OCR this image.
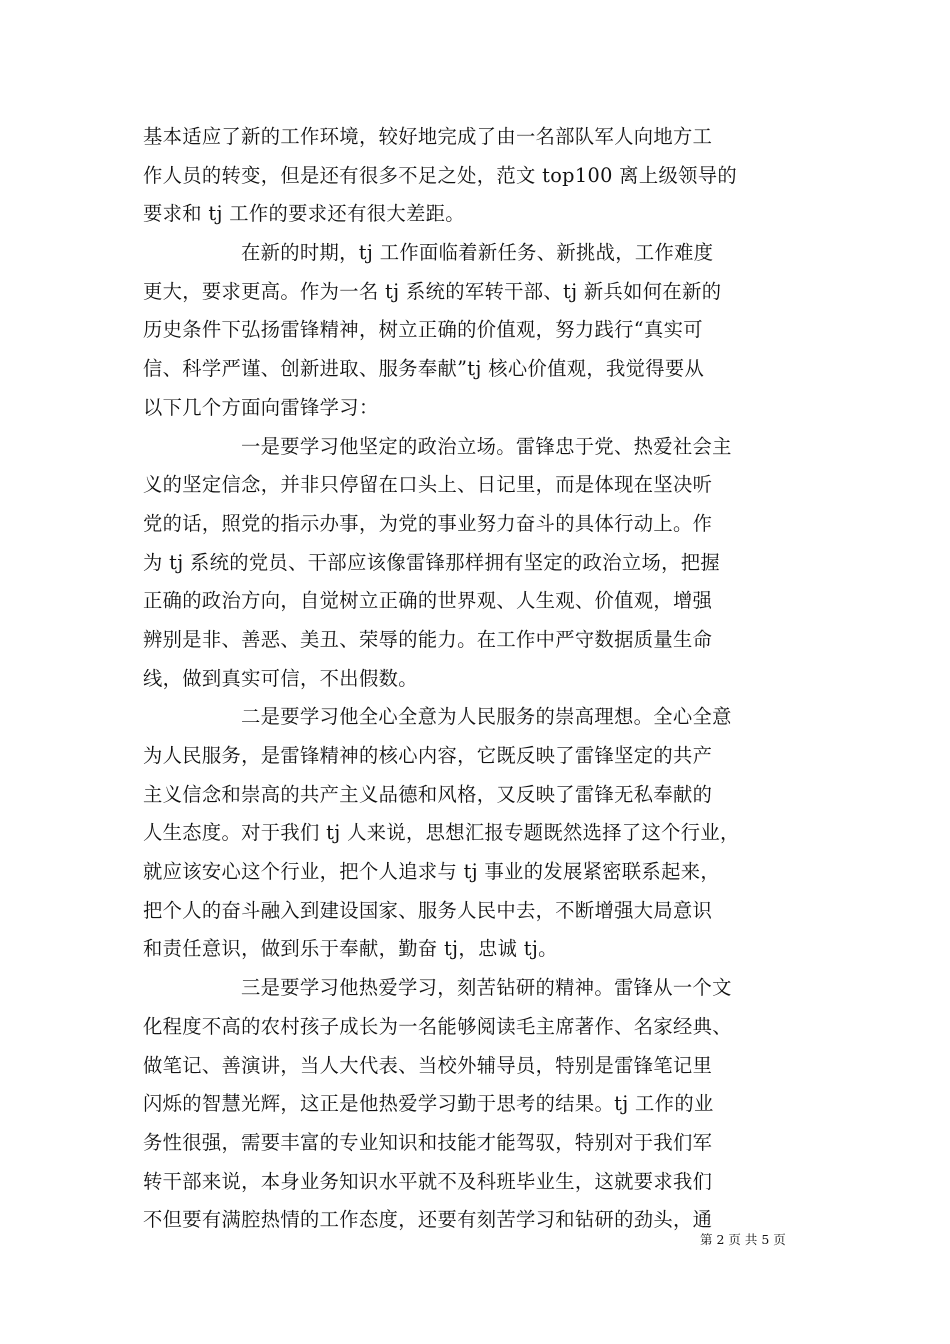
基本适应了新的工作环境，较好地完成了由一名部队军人向地方工
作人员的转变，但是还有很多不足之处，范文 top100 离上级领导的
要求和 tj 工作的要求还有很大差距。
在新的时期，tj 工作面临着新任务、新挑战，工作难度
更大，要求更高。作为一名 tj 系统的军转干部、tj 新兵如何在新的
历史条件下弘扬雷锋精神，树立正确的价值观，努力践行“真实可
信、科学严谨、创新进取、服务奉献”tj 核心价值观，我觉得要从
以下几个方面向雷锋学习：
一是要学习他坚定的政治立场。雷锋忠于党、热爱社会主
义的坚定信念，并非只停留在口头上、日记里，而是体现在坚决听
党的话，照党的指示办事，为党的事业努力奋斗的具体行动上。作
为 tj 系统的党员、干部应该像雷锋那样拥有坚定的政治立场，把握
正确的政治方向，自觉树立正确的世界观、人生观、价值观，增强
辨别是非、善恶、美丑、荣辱的能力。在工作中严守数据质量生命
线，做到真实可信，不出假数。
二是要学习他全心全意为人民服务的崇高理想。全心全意
为人民服务，是雷锋精神的核心内容，它既反映了雷锋坚定的共产
主义信念和崇高的共产主义品德和风格，又反映了雷锋无私奉献的
人生态度。对于我们 tj 人来说，思想汇报专题既然选择了这个行业，
就应该安心这个行业，把个人追求与 tj 事业的发展紧密联系起来，
把个人的奋斗融入到建设国家、服务人民中去，不断增强大局意识
和责任意识，做到乐于奉献，勤奋 tj，忠诚 tj。
三是要学习他热爱学习，刻苦钻研的精神。雷锋从一个文
化程度不高的农村孩子成长为一名能够阅读毛主席著作、名家经典、
做笔记、善演讲，当人大代表、当校外辅导员，特别是雷锋笔记里
闪烁的智慧光辉，这正是他热爱学习勤于思考的结果。tj 工作的业
务性很强，需要丰富的专业知识和技能才能驾驭，特别对于我们军
转干部来说，本身业务知识水平就不及科班毕业生，这就要求我们
不但要有满腔热情的工作态度，还要有刻苦学习和钻研的劲头，通
第 2 页 共 5 页
